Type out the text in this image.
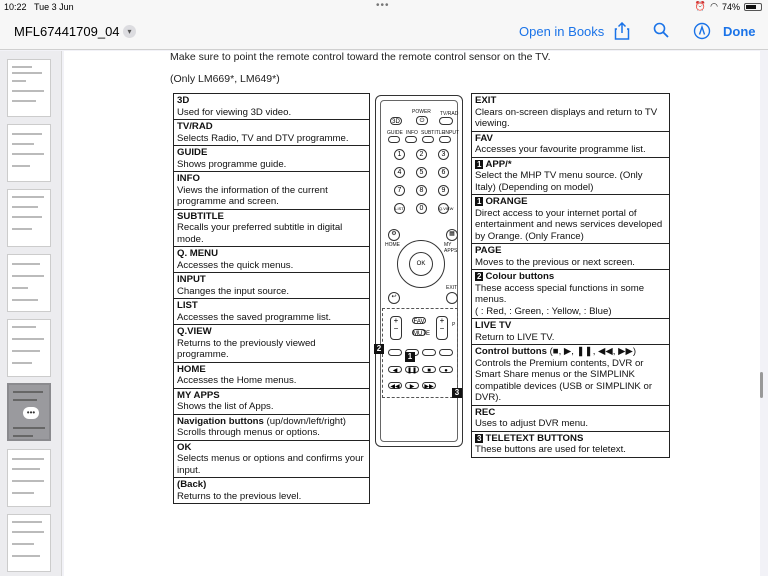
10:22 Tue 3 Jun	•••	⏰ ◠ 74%
MFL67441709_04 ▾	Open in Books	Done
•••
Make sure to point the remote control toward the remote control sensor on the TV.
(Only LM669*, LM649*)
3D
Used for viewing 3D video.

TV/RAD
Selects Radio, TV and DTV programme.

GUIDE
Shows programme guide.

INFO
Views the information of the current programme and screen.

SUBTITLE
Recalls your preferred subtitle in digital mode.

Q. MENU
Accesses the quick menus.

INPUT
Changes the input source.

LIST
Accesses the saved programme list.

Q.VIEW
Returns to the previously viewed programme.

HOME
Accesses the Home menus.

MY APPS
Shows the list of Apps.

Navigation buttons (up/down/left/right)
Scrolls through menus or options.

OK
Selects menus or options and confirms your input.

(Back)
Returns to the previous level.
POWER
⏻
3D
TV/RAD
GUIDE INFO SUBTITLE INPUT
⚙
HOME
▦
MY APPS
OK
↩
EXIT
+
−
FAV
MUTE
+
−	P
◀	❚❚	■	●
◀◀	▶	▶▶
1
2
3
1	2	3
4	5	6
7	8	9
LIST	0	Q.VIEW
EXIT
Clears on-screen displays and return to TV viewing.

FAV
Accesses your favourite programme list.

1 APP/*
Select the MHP TV menu source. (Only Italy) (Depending on model)

1 ORANGE
Direct access to your internet portal of entertainment and news services developed by Orange. (Only France)

PAGE
Moves to the previous or next screen.

2 Colour buttons
These access special functions in some menus.
( : Red, : Green, : Yellow, : Blue)

LIVE TV
Return to LIVE TV.

Control buttons (■, ▶, ❚❚, ◀◀, ▶▶)
Controls the Premium contents, DVR or Smart Share menus or the SIMPLINK compatible devices (USB or SIMPLINK or DVR).

REC
Uses to adjust DVR menu.

3 TELETEXT BUTTONS
These buttons are used for teletext.
